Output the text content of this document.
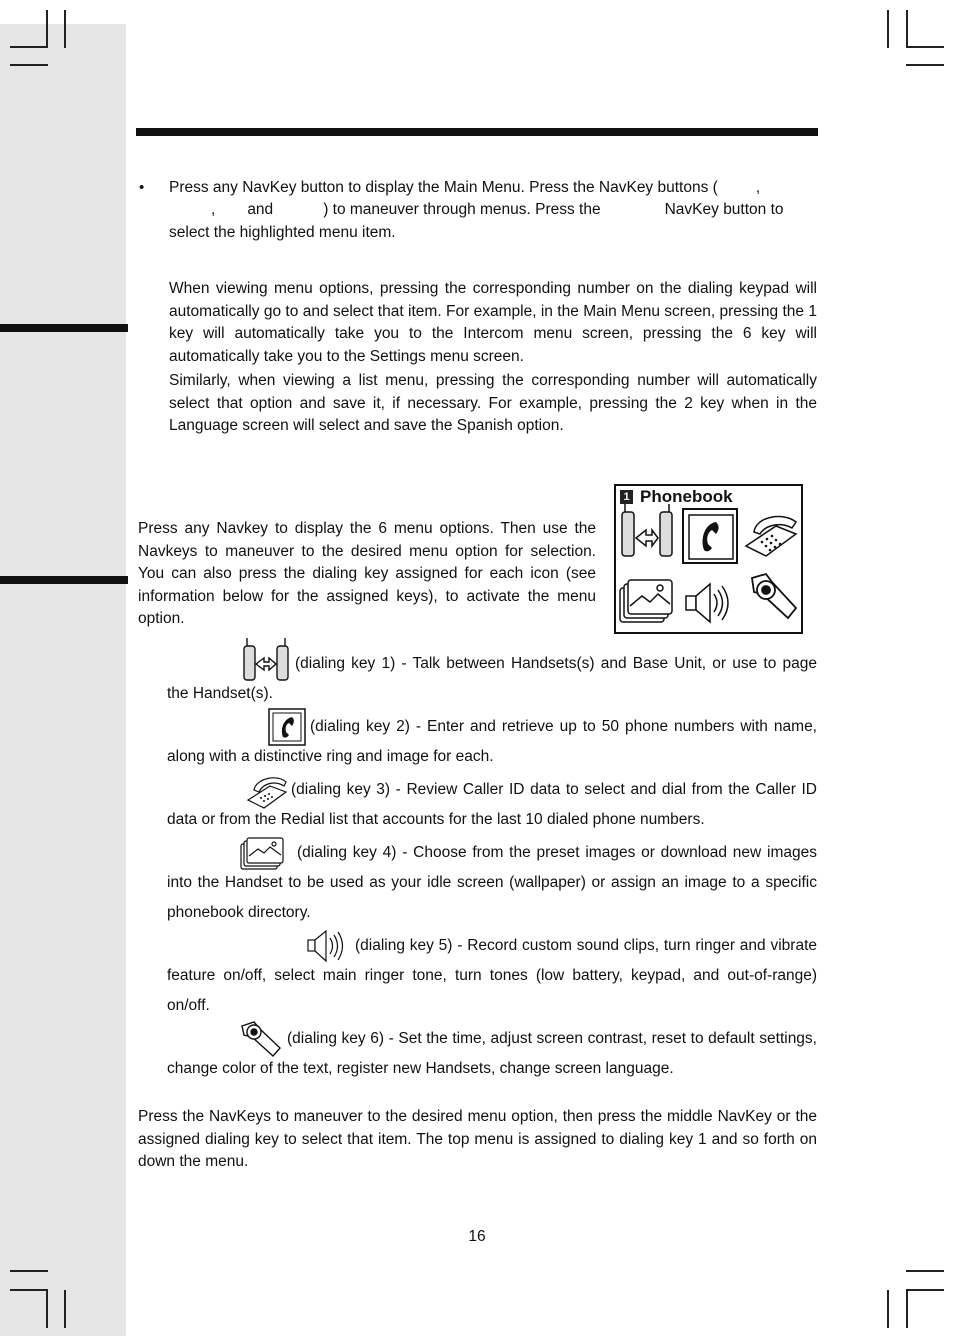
• Press any NavKey button to display the Main Menu. Press the NavKey buttons ( ,
, and	) to maneuver through menus. Press the	NavKey button to
select the highlighted menu item.
When viewing menu options, pressing the corresponding number on the dialing keypad will automatically go to and select that item. For example, in the Main Menu screen, pressing the 1 key will automatically take you to the Intercom menu screen, pressing the 6 key will automatically take you to the Settings menu screen.
Similarly, when viewing a list menu, pressing the corresponding number will automatically select that option and save it, if necessary. For example, pressing the 2 key when in the Language screen will select and save the Spanish option.
Press any Navkey to display the 6 menu options. Then use the Navkeys to maneuver to the desired menu option for selection. You can also press the dialing key assigned for each icon (see information below for the assigned keys), to activate the menu option.
1 Phonebook
(dialing key 1) - Talk between Handsets(s) and Base Unit, or use to page the Handset(s).
(dialing key 2) - Enter and retrieve up to 50 phone numbers with name, along with a distinctive ring and image for each.
(dialing key 3) - Review Caller ID data to select and dial from the Caller ID data or from the Redial list that accounts for the last 10 dialed phone numbers.
(dialing key 4) - Choose from the preset images or download new images into the Handset to be used as your idle screen (wallpaper) or assign an image to a specific phonebook directory.
(dialing key 5) - Record custom sound clips, turn ringer and vibrate feature on/off, select main ringer tone, turn tones (low battery, keypad, and out-of-range) on/off.
(dialing key 6) - Set the time, adjust screen contrast, reset to default settings, change color of the text, register new Handsets, change screen language.
Press the NavKeys to maneuver to the desired menu option, then press the middle NavKey or the assigned dialing key to select that item. The top menu is assigned to dialing key 1 and so forth on down the menu.
16
